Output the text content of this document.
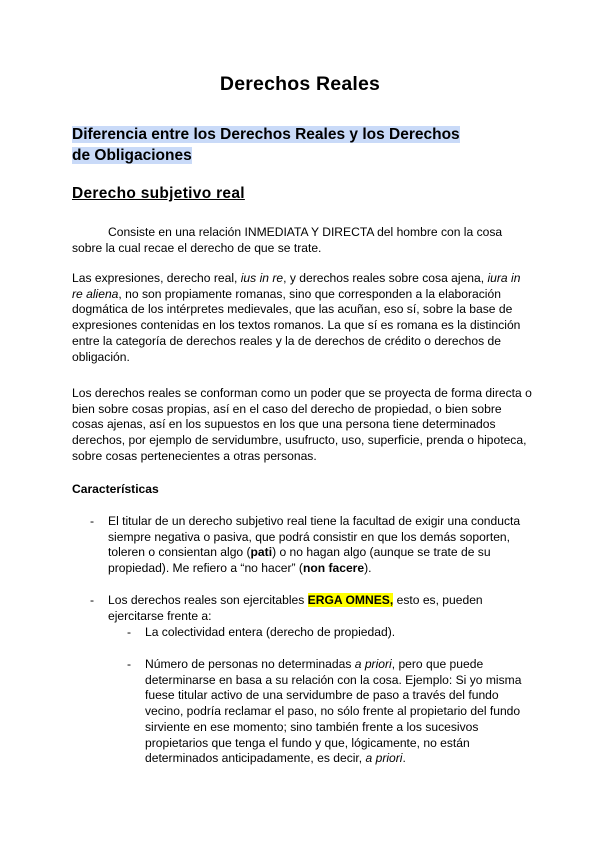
Derechos Reales
Diferencia entre los Derechos Reales y los Derechos de Obligaciones
Derecho subjetivo real
Consiste en una relación INMEDIATA Y DIRECTA del hombre con la cosa sobre la cual recae el derecho de que se trate.
Las expresiones, derecho real, ius in re, y derechos reales sobre cosa ajena, iura in re aliena, no son propiamente romanas, sino que corresponden a la elaboración dogmática de los intérpretes medievales, que las acuñan, eso sí, sobre la base de expresiones contenidas en los textos romanos. La que sí es romana es la distinción entre la categoría de derechos reales y la de derechos de crédito o derechos de obligación.
Los derechos reales se conforman como un poder que se proyecta de forma directa o bien sobre cosas propias, así en el caso del derecho de propiedad, o bien sobre cosas ajenas, así en los supuestos en los que una persona tiene determinados derechos, por ejemplo de servidumbre, usufructo, uso, superficie, prenda o hipoteca, sobre cosas pertenecientes a otras personas.
Características
- El titular de un derecho subjetivo real tiene la facultad de exigir una conducta siempre negativa o pasiva, que podrá consistir en que los demás soporten, toleren o consientan algo (pati) o no hagan algo (aunque se trate de su propiedad). Me refiero a “no hacer” (non facere).
- Los derechos reales son ejercitables ERGA OMNES, esto es, pueden ejercitarse frente a:
- La colectividad entera (derecho de propiedad).
- Número de personas no determinadas a priori, pero que puede determinarse en basa a su relación con la cosa. Ejemplo: Si yo misma fuese titular activo de una servidumbre de paso a través del fundo vecino, podría reclamar el paso, no sólo frente al propietario del fundo sirviente en ese momento; sino también frente a los sucesivos propietarios que tenga el fundo y que, lógicamente, no están determinados anticipadamente, es decir, a priori.
